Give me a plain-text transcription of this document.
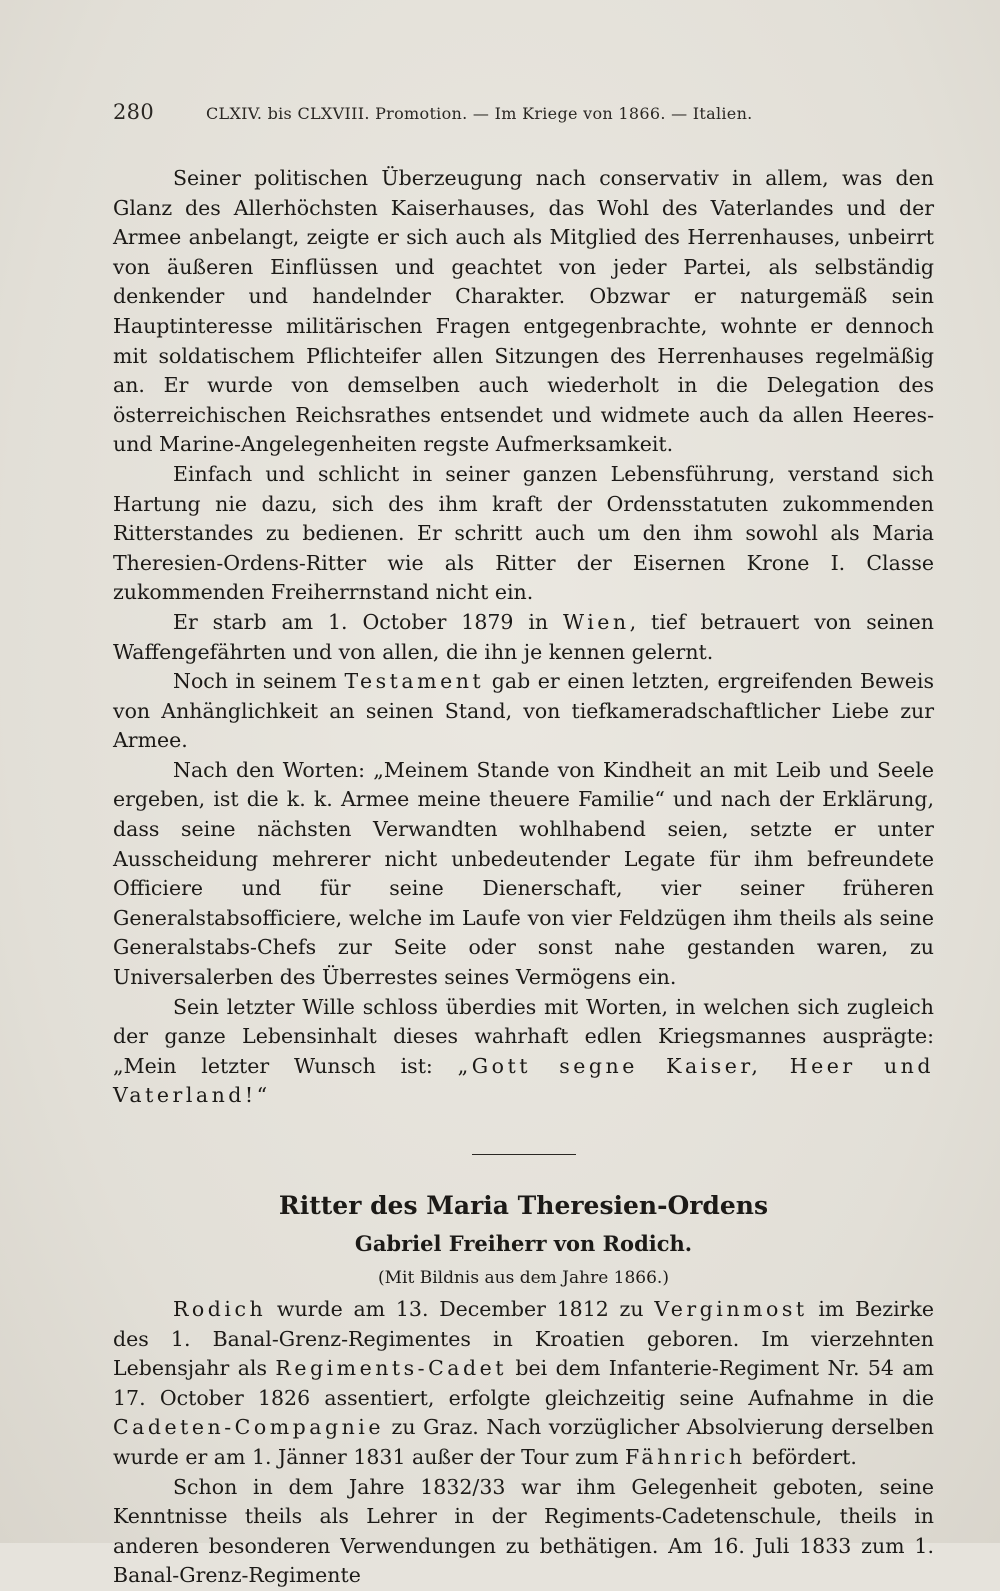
280	CLXIV. bis CLXVIII. Promotion. — Im Kriege von 1866. — Italien.

Seiner politischen Überzeugung nach conservativ in allem, was den Glanz des Allerhöchsten Kaiserhauses, das Wohl des Vaterlandes und der Armee anbelangt, zeigte er sich auch als Mitglied des Herrenhauses, unbeirrt von äußeren Einflüssen und geachtet von jeder Partei, als selbständig denkender und handelnder Charakter. Obzwar er naturgemäß sein Hauptinteresse militärischen Fragen entgegenbrachte, wohnte er dennoch mit soldatischem Pflichteifer allen Sitzungen des Herrenhauses regelmäßig an. Er wurde von demselben auch wiederholt in die Delegation des österreichischen Reichsrathes entsendet und widmete auch da allen Heeres- und Marine-Angelegenheiten regste Aufmerksamkeit.

Einfach und schlicht in seiner ganzen Lebensführung, verstand sich Hartung nie dazu, sich des ihm kraft der Ordensstatuten zukommenden Ritterstandes zu bedienen. Er schritt auch um den ihm sowohl als Maria Theresien-Ordens-Ritter wie als Ritter der Eisernen Krone I. Classe zukommenden Freiherrnstand nicht ein.

Er starb am 1. October 1879 in Wien, tief betrauert von seinen Waffengefährten und von allen, die ihn je kennen gelernt.

Noch in seinem Testament gab er einen letzten, ergreifenden Beweis von Anhänglichkeit an seinen Stand, von tiefkameradschaftlicher Liebe zur Armee.

Nach den Worten: „Meinem Stande von Kindheit an mit Leib und Seele ergeben, ist die k. k. Armee meine theuere Familie“ und nach der Erklärung, dass seine nächsten Verwandten wohlhabend seien, setzte er unter Ausscheidung mehrerer nicht unbedeutender Legate für ihm befreundete Officiere und für seine Dienerschaft, vier seiner früheren Generalstabsofficiere, welche im Laufe von vier Feldzügen ihm theils als seine Generalstabs-Chefs zur Seite oder sonst nahe gestanden waren, zu Universalerben des Überrestes seines Vermögens ein.

Sein letzter Wille schloss überdies mit Worten, in welchen sich zugleich der ganze Lebensinhalt dieses wahrhaft edlen Kriegsmannes ausprägte: „Mein letzter Wunsch ist: „Gott segne Kaiser, Heer und Vaterland!“

Ritter des Maria Theresien-Ordens
Gabriel Freiherr von Rodich.
(Mit Bildnis aus dem Jahre 1866.)

Rodich wurde am 13. December 1812 zu Verginmost im Bezirke des 1. Banal-Grenz-Regimentes in Kroatien geboren. Im vierzehnten Lebensjahr als Regiments-Cadet bei dem Infanterie-Regiment Nr. 54 am 17. October 1826 assentiert, erfolgte gleichzeitig seine Aufnahme in die Cadeten-Compagnie zu Graz. Nach vorzüglicher Absolvierung derselben wurde er am 1. Jänner 1831 außer der Tour zum Fähnrich befördert.

Schon in dem Jahre 1832/33 war ihm Gelegenheit geboten, seine Kenntnisse theils als Lehrer in der Regiments-Cadetenschule, theils in anderen besonderen Verwendungen zu bethätigen. Am 16. Juli 1833 zum 1. Banal-Grenz-Regimente
